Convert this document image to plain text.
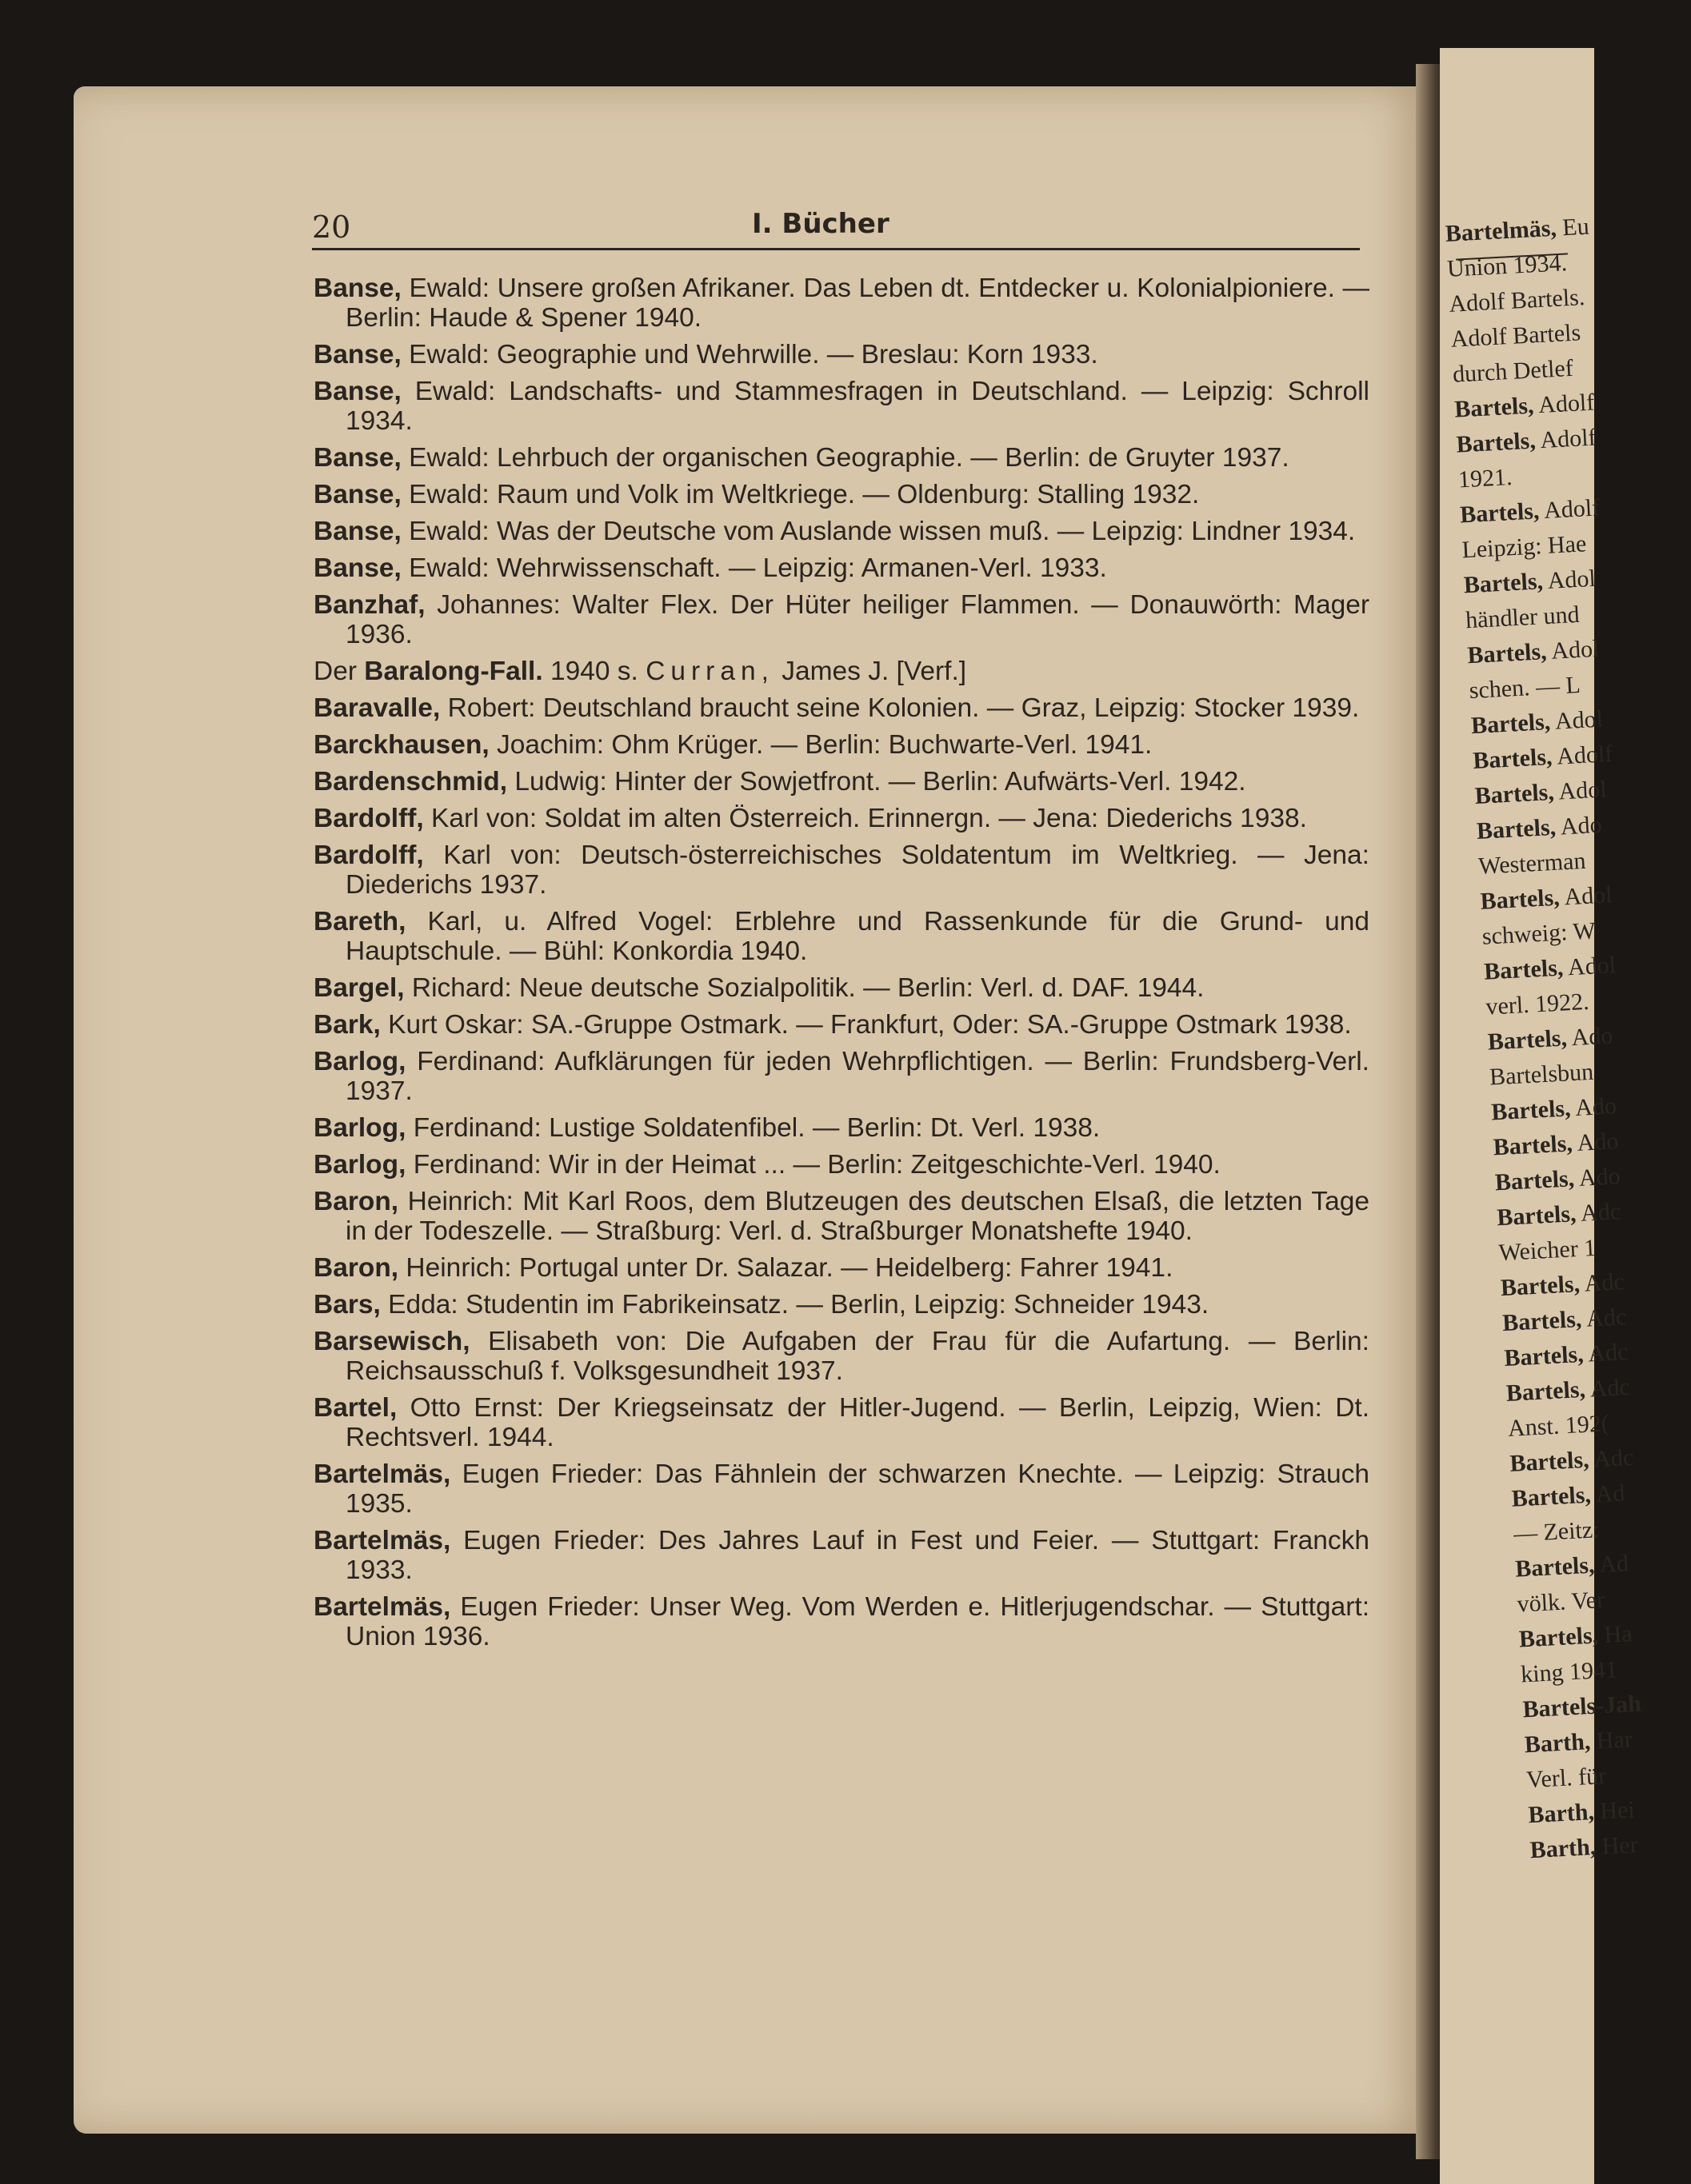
Bartelmäs, Eu
Union 1934.
Adolf Bartels.
Adolf Bartels
durch Detlef
Bartels, Adolf
Bartels, Adolf
1921.
Bartels, Adolf
Leipzig: Hae
Bartels, Adol
händler und
Bartels, Adol
schen. — L
Bartels, Adol
Bartels, Adolf
Bartels, Adol
Bartels, Ado
Westerman
Bartels, Adol
schweig: W
Bartels, Adol
verl. 1922.
Bartels, Ado
Bartelsbun
Bartels, Ado
Bartels, Ado
Bartels, Ado
Bartels, Adc
Weicher 1
Bartels, Adc
Bartels, Adc
Bartels, Adc
Bartels, Adc
Anst. 192(
Bartels, Adc
Bartels, Ad
— Zeitz:
Bartels, Ad
völk. Ver
Bartels, Ha
king 1941
Bartels-Jah
Barth, Har
Verl. für
Barth, Hei
Barth, Her
20	I. Bücher
Banse, Ewald: Unsere großen Afrikaner. Das Leben dt. Entdecker u. Kolonialpioniere. — Berlin: Haude & Spener 1940.
Banse, Ewald: Geographie und Wehrwille. — Breslau: Korn 1933.
Banse, Ewald: Landschafts- und Stammesfragen in Deutschland. — Leipzig: Schroll 1934.
Banse, Ewald: Lehrbuch der organischen Geographie. — Berlin: de Gruyter 1937.
Banse, Ewald: Raum und Volk im Weltkriege. — Oldenburg: Stalling 1932.
Banse, Ewald: Was der Deutsche vom Auslande wissen muß. — Leipzig: Lindner 1934.
Banse, Ewald: Wehrwissenschaft. — Leipzig: Armanen-Verl. 1933.
Banzhaf, Johannes: Walter Flex. Der Hüter heiliger Flammen. — Donauwörth: Mager 1936.
Der Baralong-Fall. 1940 s. Curran, James J. [Verf.]
Baravalle, Robert: Deutschland braucht seine Kolonien. — Graz, Leipzig: Stocker 1939.
Barckhausen, Joachim: Ohm Krüger. — Berlin: Buchwarte-Verl. 1941.
Bardenschmid, Ludwig: Hinter der Sowjetfront. — Berlin: Aufwärts-Verl. 1942.
Bardolff, Karl von: Soldat im alten Österreich. Erinnergn. — Jena: Diederichs 1938.
Bardolff, Karl von: Deutsch-österreichisches Soldatentum im Weltkrieg. — Jena: Diederichs 1937.
Bareth, Karl, u. Alfred Vogel: Erblehre und Rassenkunde für die Grund- und Hauptschule. — Bühl: Konkordia 1940.
Bargel, Richard: Neue deutsche Sozialpolitik. — Berlin: Verl. d. DAF. 1944.
Bark, Kurt Oskar: SA.-Gruppe Ostmark. — Frankfurt, Oder: SA.-Gruppe Ostmark 1938.
Barlog, Ferdinand: Aufklärungen für jeden Wehrpflichtigen. — Berlin: Frundsberg-Verl. 1937.
Barlog, Ferdinand: Lustige Soldatenfibel. — Berlin: Dt. Verl. 1938.
Barlog, Ferdinand: Wir in der Heimat ... — Berlin: Zeitgeschichte-Verl. 1940.
Baron, Heinrich: Mit Karl Roos, dem Blutzeugen des deutschen Elsaß, die letzten Tage in der Todeszelle. — Straßburg: Verl. d. Straßburger Monatshefte 1940.
Baron, Heinrich: Portugal unter Dr. Salazar. — Heidelberg: Fahrer 1941.
Bars, Edda: Studentin im Fabrikeinsatz. — Berlin, Leipzig: Schneider 1943.
Barsewisch, Elisabeth von: Die Aufgaben der Frau für die Aufartung. — Berlin: Reichsausschuß f. Volksgesundheit 1937.
Bartel, Otto Ernst: Der Kriegseinsatz der Hitler-Jugend. — Berlin, Leipzig, Wien: Dt. Rechtsverl. 1944.
Bartelmäs, Eugen Frieder: Das Fähnlein der schwarzen Knechte. — Leipzig: Strauch 1935.
Bartelmäs, Eugen Frieder: Des Jahres Lauf in Fest und Feier. — Stuttgart: Franckh 1933.
Bartelmäs, Eugen Frieder: Unser Weg. Vom Werden e. Hitlerjugendschar. — Stuttgart: Union 1936.
